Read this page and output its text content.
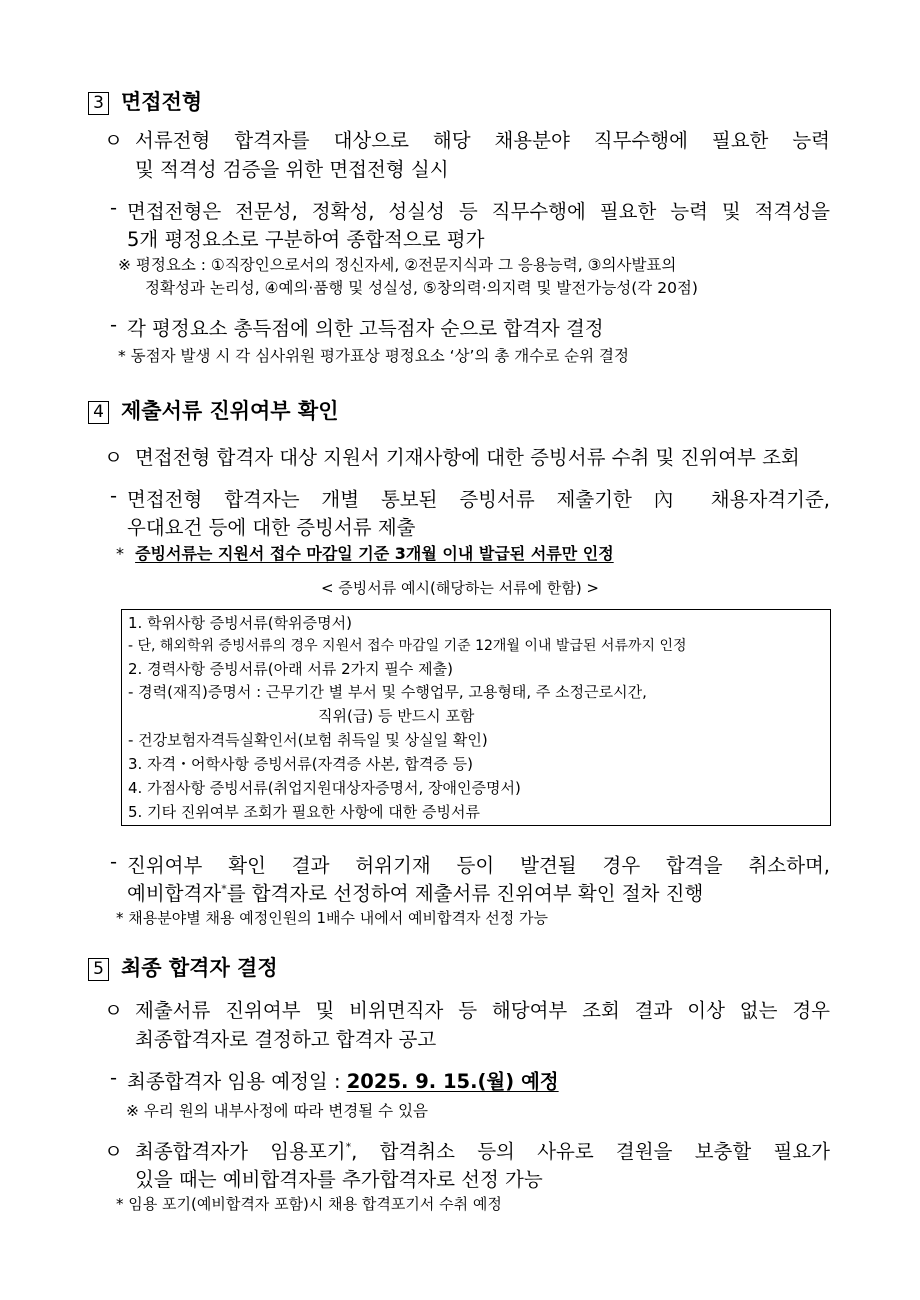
3 면접전형
ㅇ 서류전형 합격자를 대상으로 해당 채용분야 직무수행에 필요한 능력
및 적격성 검증을 위한 면접전형 실시
- 면접전형은 전문성, 정확성, 성실성 등 직무수행에 필요한 능력 및 적격성을
5개 평정요소로 구분하여 종합적으로 평가
※ 평정요소 : ①직장인으로서의 정신자세, ②전문지식과 그 응용능력, ③의사발표의
정확성과 논리성, ④예의·품행 및 성실성, ⑤창의력·의지력 및 발전가능성(각 20점)
- 각 평정요소 총득점에 의한 고득점자 순으로 합격자 결정
* 동점자 발생 시 각 심사위원 평가표상 평정요소 ‘상’의 총 개수로 순위 결정
4 제출서류 진위여부 확인
ㅇ 면접전형 합격자 대상 지원서 기재사항에 대한 증빙서류 수취 및 진위여부 조회
- 면접전형 합격자는 개별 통보된 증빙서류 제출기한 內 채용자격기준,
우대요건 등에 대한 증빙서류 제출
* 증빙서류는 지원서 접수 마감일 기준 3개월 이내 발급된 서류만 인정
< 증빙서류 예시(해당하는 서류에 한함) >
1. 학위사항 증빙서류(학위증명서)
- 단, 해외학위 증빙서류의 경우 지원서 접수 마감일 기준 12개월 이내 발급된 서류까지 인정
2. 경력사항 증빙서류(아래 서류 2가지 필수 제출)
- 경력(재직)증명서 : 근무기간 별 부서 및 수행업무, 고용형태, 주 소정근로시간,
직위(급) 등 반드시 포함
- 건강보험자격득실확인서(보험 취득일 및 상실일 확인)
3. 자격・어학사항 증빙서류(자격증 사본, 합격증 등)
4. 가점사항 증빙서류(취업지원대상자증명서, 장애인증명서)
5. 기타 진위여부 조회가 필요한 사항에 대한 증빙서류
- 진위여부 확인 결과 허위기재 등이 발견될 경우 합격을 취소하며,
예비합격자*를 합격자로 선정하여 제출서류 진위여부 확인 절차 진행
* 채용분야별 채용 예정인원의 1배수 내에서 예비합격자 선정 가능
5 최종 합격자 결정
ㅇ 제출서류 진위여부 및 비위면직자 등 해당여부 조회 결과 이상 없는 경우
최종합격자로 결정하고 합격자 공고
- 최종합격자 임용 예정일 : 2025. 9. 15.(월) 예정
※ 우리 원의 내부사정에 따라 변경될 수 있음
ㅇ 최종합격자가 임용포기*, 합격취소 등의 사유로 결원을 보충할 필요가
있을 때는 예비합격자를 추가합격자로 선정 가능
* 임용 포기(예비합격자 포함)시 채용 합격포기서 수취 예정
